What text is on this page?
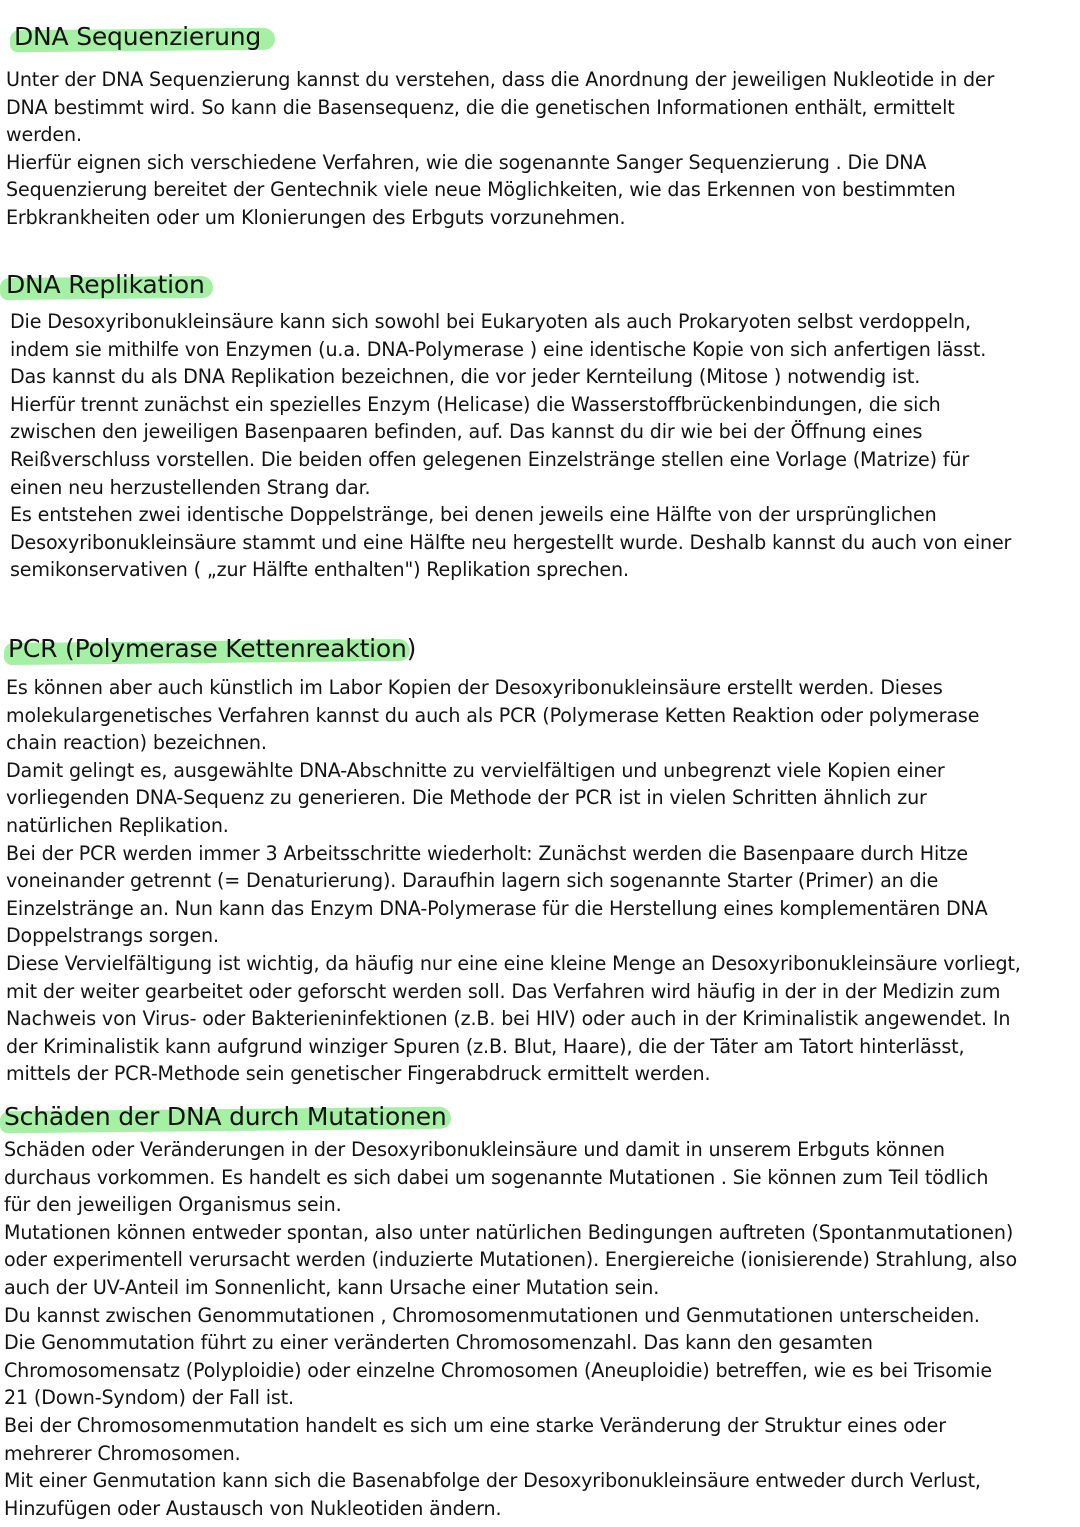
DNA Sequenzierung

Unter der DNA Sequenzierung kannst du verstehen, dass die Anordnung der jeweiligen Nukleotide in der
DNA bestimmt wird. So kann die Basensequenz, die die genetischen Informationen enthält, ermittelt
werden.
Hierfür eignen sich verschiedene Verfahren, wie die sogenannte Sanger Sequenzierung . Die DNA
Sequenzierung bereitet der Gentechnik viele neue Möglichkeiten, wie das Erkennen von bestimmten
Erbkrankheiten oder um Klonierungen des Erbguts vorzunehmen.

DNA Replikation

Die Desoxyribonukleinsäure kann sich sowohl bei Eukaryoten als auch Prokaryoten selbst verdoppeln,
indem sie mithilfe von Enzymen (u.a. DNA-Polymerase ) eine identische Kopie von sich anfertigen lässt.
Das kannst du als DNA Replikation bezeichnen, die vor jeder Kernteilung (Mitose ) notwendig ist.
Hierfür trennt zunächst ein spezielles Enzym (Helicase) die Wasserstoffbrückenbindungen, die sich
zwischen den jeweiligen Basenpaaren befinden, auf. Das kannst du dir wie bei der Öffnung eines
Reißverschluss vorstellen. Die beiden offen gelegenen Einzelstränge stellen eine Vorlage (Matrize) für
einen neu herzustellenden Strang dar.
Es entstehen zwei identische Doppelstränge, bei denen jeweils eine Hälfte von der ursprünglichen
Desoxyribonukleinsäure stammt und eine Hälfte neu hergestellt wurde. Deshalb kannst du auch von einer
semikonservativen ( „zur Hälfte enthalten") Replikation sprechen.

PCR (Polymerase Kettenreaktion)

Es können aber auch künstlich im Labor Kopien der Desoxyribonukleinsäure erstellt werden. Dieses
molekulargenetisches Verfahren kannst du auch als PCR (Polymerase Ketten Reaktion oder polymerase
chain reaction) bezeichnen.
Damit gelingt es, ausgewählte DNA-Abschnitte zu vervielfältigen und unbegrenzt viele Kopien einer
vorliegenden DNA-Sequenz zu generieren. Die Methode der PCR ist in vielen Schritten ähnlich zur
natürlichen Replikation.
Bei der PCR werden immer 3 Arbeitsschritte wiederholt: Zunächst werden die Basenpaare durch Hitze
voneinander getrennt (= Denaturierung). Daraufhin lagern sich sogenannte Starter (Primer) an die
Einzelstränge an. Nun kann das Enzym DNA-Polymerase für die Herstellung eines komplementären DNA
Doppelstrangs sorgen.
Diese Vervielfältigung ist wichtig, da häufig nur eine eine kleine Menge an Desoxyribonukleinsäure vorliegt,
mit der weiter gearbeitet oder geforscht werden soll. Das Verfahren wird häufig in der in der Medizin zum
Nachweis von Virus- oder Bakterieninfektionen (z.B. bei HIV) oder auch in der Kriminalistik angewendet. In
der Kriminalistik kann aufgrund winziger Spuren (z.B. Blut, Haare), die der Täter am Tatort hinterlässt,
mittels der PCR-Methode sein genetischer Fingerabdruck ermittelt werden.

Schäden der DNA durch Mutationen

Schäden oder Veränderungen in der Desoxyribonukleinsäure und damit in unserem Erbguts können
durchaus vorkommen. Es handelt es sich dabei um sogenannte Mutationen . Sie können zum Teil tödlich
für den jeweiligen Organismus sein.
Mutationen können entweder spontan, also unter natürlichen Bedingungen auftreten (Spontanmutationen)
oder experimentell verursacht werden (induzierte Mutationen). Energiereiche (ionisierende) Strahlung, also
auch der UV-Anteil im Sonnenlicht, kann Ursache einer Mutation sein.
Du kannst zwischen Genommutationen , Chromosomenmutationen und Genmutationen unterscheiden.
Die Genommutation führt zu einer veränderten Chromosomenzahl. Das kann den gesamten
Chromosomensatz (Polyploidie) oder einzelne Chromosomen (Aneuploidie) betreffen, wie es bei Trisomie
21 (Down-Syndom) der Fall ist.
Bei der Chromosomenmutation handelt es sich um eine starke Veränderung der Struktur eines oder
mehrerer Chromosomen.
Mit einer Genmutation kann sich die Basenabfolge der Desoxyribonukleinsäure entweder durch Verlust,
Hinzufügen oder Austausch von Nukleotiden ändern.
